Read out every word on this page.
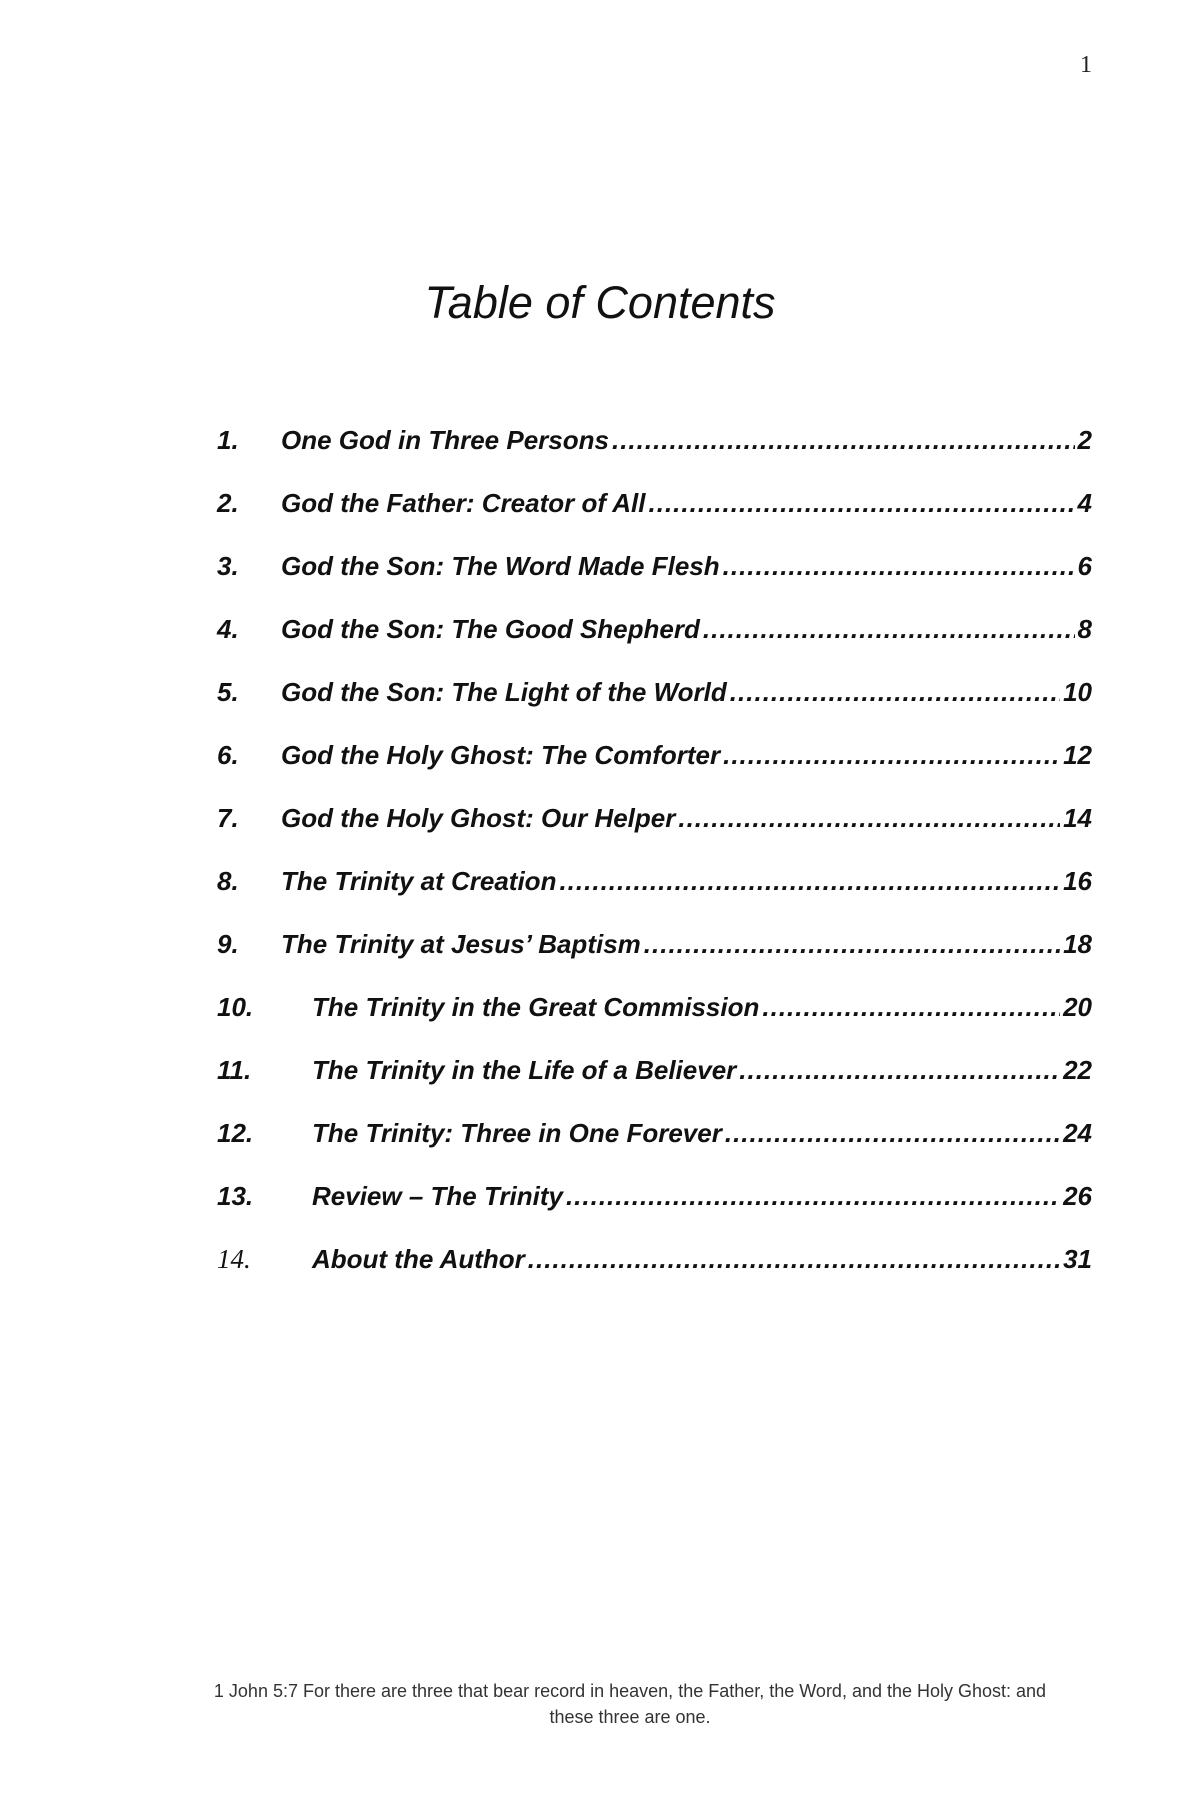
1
Table of Contents
1.	One God in Three Persons .....	2
2.	God the Father: Creator of All .....	4
3.	God the Son: The Word Made Flesh .....	6
4.	God the Son: The Good Shepherd .....	8
5.	God the Son: The Light of the World .....	10
6.	God the Holy Ghost: The Comforter .....	12
7.	God the Holy Ghost: Our Helper .....	14
8.	The Trinity at Creation .....	16
9.	The Trinity at Jesus’ Baptism .....	18
10.	The Trinity in the Great Commission .....	20
11.	The Trinity in the Life of a Believer .....	22
12.	The Trinity: Three in One Forever .....	24
13.	Review – The Trinity .....	26
14.	About the Author .....	31
1 John 5:7 For there are three that bear record in heaven, the Father, the Word, and the Holy Ghost: and these three are one.
